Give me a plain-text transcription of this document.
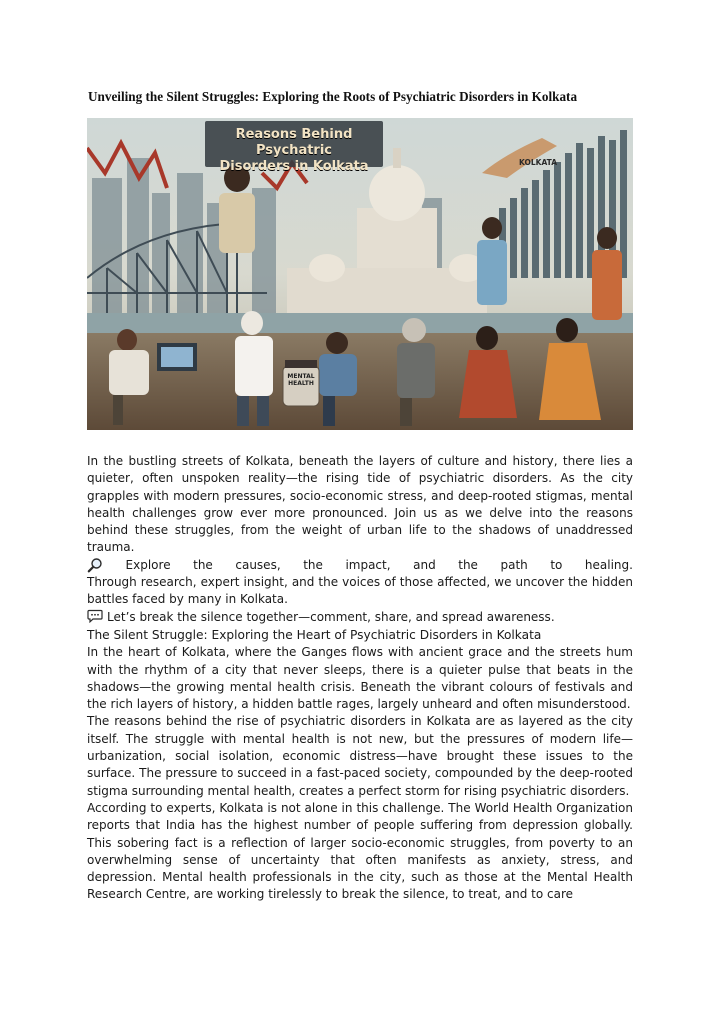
Unveiling the Silent Struggles: Exploring the Roots of Psychiatric Disorders in Kolkata
Reasons Behind Psychatric
Disorders in Kolkata	KOLKATA
MENTAL
HEALTH

In the bustling streets of Kolkata, beneath the layers of culture and history, there lies a quieter, often unspoken reality—the rising tide of psychiatric disorders. As the city grapples with modern pressures, socio-economic stress, and deep-rooted stigmas, mental health challenges grow ever more pronounced. Join us as we delve into the reasons behind these struggles, from the weight of urban life to the shadows of unaddressed trauma.

Explore the causes, the impact, and the path to healing.

Through research, expert insight, and the voices of those affected, we uncover the hidden battles faced by many in Kolkata.

Let’s break the silence together—comment, share, and spread awareness.

The Silent Struggle: Exploring the Heart of Psychiatric Disorders in Kolkata

In the heart of Kolkata, where the Ganges flows with ancient grace and the streets hum with the rhythm of a city that never sleeps, there is a quieter pulse that beats in the shadows—the growing mental health crisis. Beneath the vibrant colours of festivals and the rich layers of history, a hidden battle rages, largely unheard and often misunderstood.

The reasons behind the rise of psychiatric disorders in Kolkata are as layered as the city itself. The struggle with mental health is not new, but the pressures of modern life—urbanization, social isolation, economic distress—have brought these issues to the surface. The pressure to succeed in a fast-paced society, compounded by the deep-rooted stigma surrounding mental health, creates a perfect storm for rising psychiatric disorders.

According to experts, Kolkata is not alone in this challenge. The World Health Organization reports that India has the highest number of people suffering from depression globally. This sobering fact is a reflection of larger socio-economic struggles, from poverty to an overwhelming sense of uncertainty that often manifests as anxiety, stress, and depression. Mental health professionals in the city, such as those at the Mental Health Research Centre, are working tirelessly to break the silence, to treat, and to care
